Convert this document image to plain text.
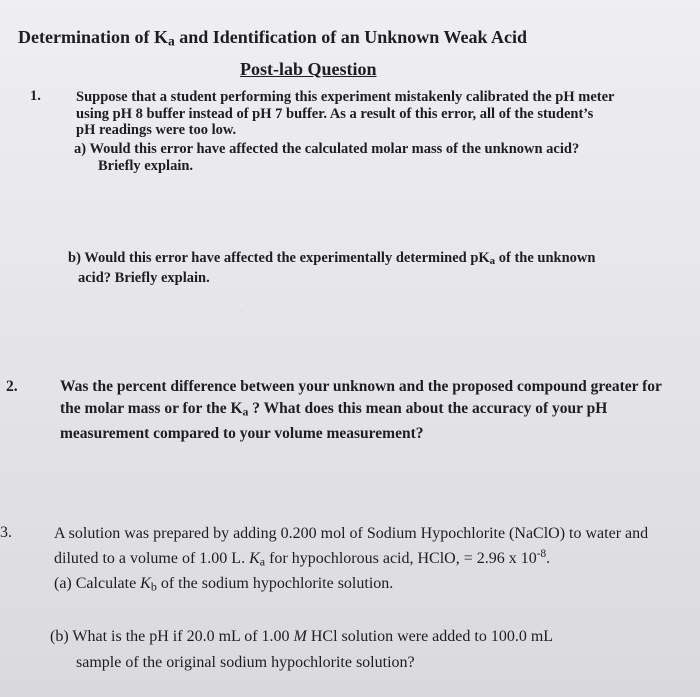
Determination of $K_a$ and Identification of an Unknown Weak Acid
Post-lab Question
.
.
1. Suppose that a student performing this experiment mistakenly calibrated the pH meter
using pH 8 buffer instead of pH 7 buffer. As a result of this error, all of the student’s
pH readings were too low.
a) Would this error have affected the calculated molar mass of the unknown acid?
Briefly explain.
b) Would this error have affected the experimentally determined pKa of the unknown
acid? Briefly explain.
2.	Was the percent difference between your unknown and the proposed compound greater for
the molar mass or for the $K_a$ ? What does this mean about the accuracy of your pH
measurement compared to your volume measurement?
3.	A solution was prepared by adding 0.200 mol of Sodium Hypochlorite (NaClO) to water and
diluted to a volume of 1.00 L. Ka for hypochlorous acid, HClO, = 2.96 x $10^{-8}$.
(a) Calculate Kb of the sodium hypochlorite solution.
(b) What is the pH if 20.0 mL of 1.00 M HCl solution were added to 100.0 mL
sample of the original sodium hypochlorite solution?
